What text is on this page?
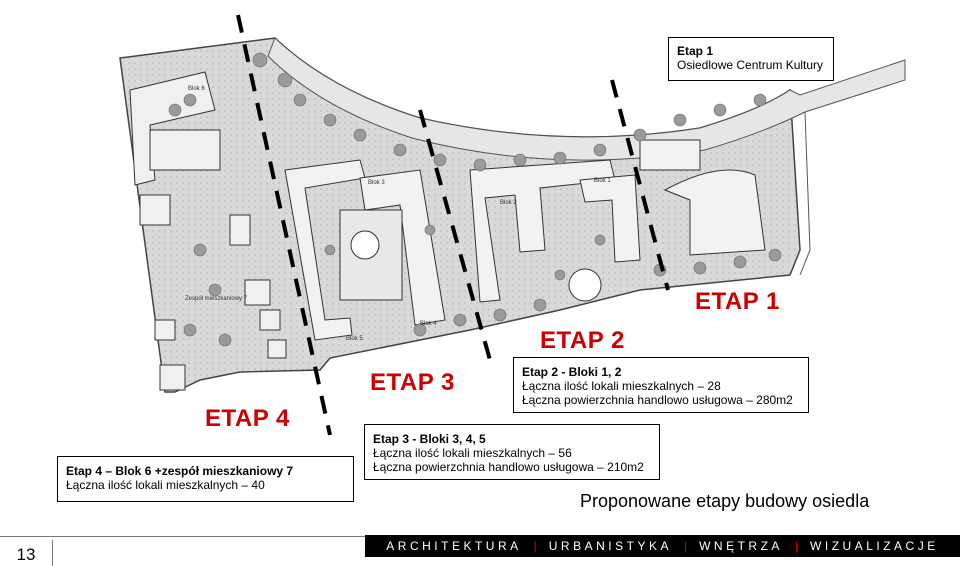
Blok 6
Blok 3
Blok 2
Blok 1
Blok 4
Blok 5
Zespół mieszkaniowy 7	ETAP 1
ETAP 2
ETAP 3
ETAP 4
Etap 1
Osiedlowe Centrum Kultury
Etap 2 - Bloki 1, 2
Łączna ilość lokali mieszkalnych – 28
Łączna powierzchnia handlowo usługowa – 280m2
Etap 3 - Bloki 3, 4, 5
Łączna ilość lokali mieszkalnych – 56
Łączna powierzchnia handlowo usługowa – 210m2
Etap 4 – Blok 6 +zespół mieszkaniowy 7
Łączna ilość lokali mieszkalnych – 40
Proponowane etapy budowy osiedla
13	ARCHITEKTURA | URBANISTYKA | WNĘTRZA | WIZUALIZACJE
